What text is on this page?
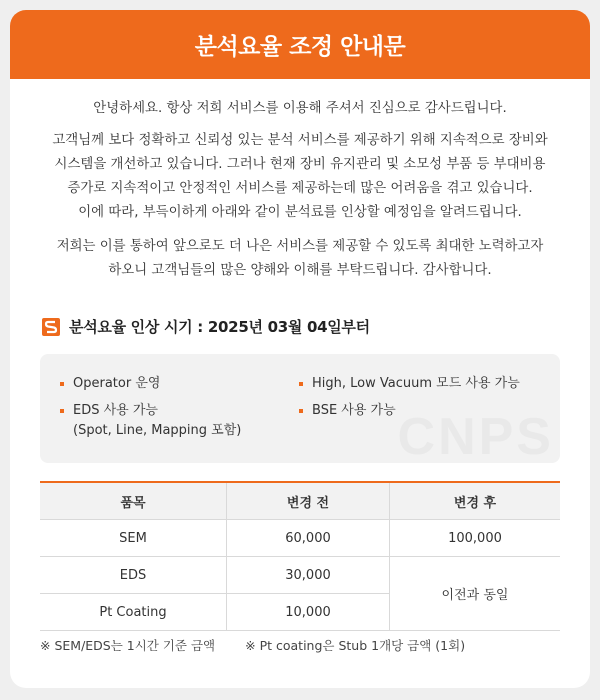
분석요율 조정 안내문

안녕하세요. 항상 저희 서비스를 이용해 주셔서 진심으로 감사드립니다.

고객님께 보다 정확하고 신뢰성 있는 분석 서비스를 제공하기 위해 지속적으로 장비와
시스템을 개선하고 있습니다. 그러나 현재 장비 유지관리 및 소모성 부품 등 부대비용
증가로 지속적이고 안정적인 서비스를 제공하는데 많은 어려움을 겪고 있습니다.
이에 따라, 부득이하게 아래와 같이 분석료를 인상할 예정임을 알려드립니다.

저희는 이를 통하여 앞으로도 더 나은 서비스를 제공할 수 있도록 최대한 노력하고자
하오니 고객님들의 많은 양해와 이해를 부탁드립니다. 감사합니다.

분석요율 인상 시기 : 2025년 03월 04일부터
Operator 운영
EDS 사용 가능
(Spot, Line, Mapping 포함)
High, Low Vacuum 모드 사용 가능
BSE 사용 가능 CNPS
품목	변경 전	변경 후
SEM	60,000	100,000
EDS	30,000	이전과 동일
Pt Coating	10,000	
※ SEM/EDS는 1시간 기준 금액 ※ Pt coating은 Stub 1개당 금액 (1회)
